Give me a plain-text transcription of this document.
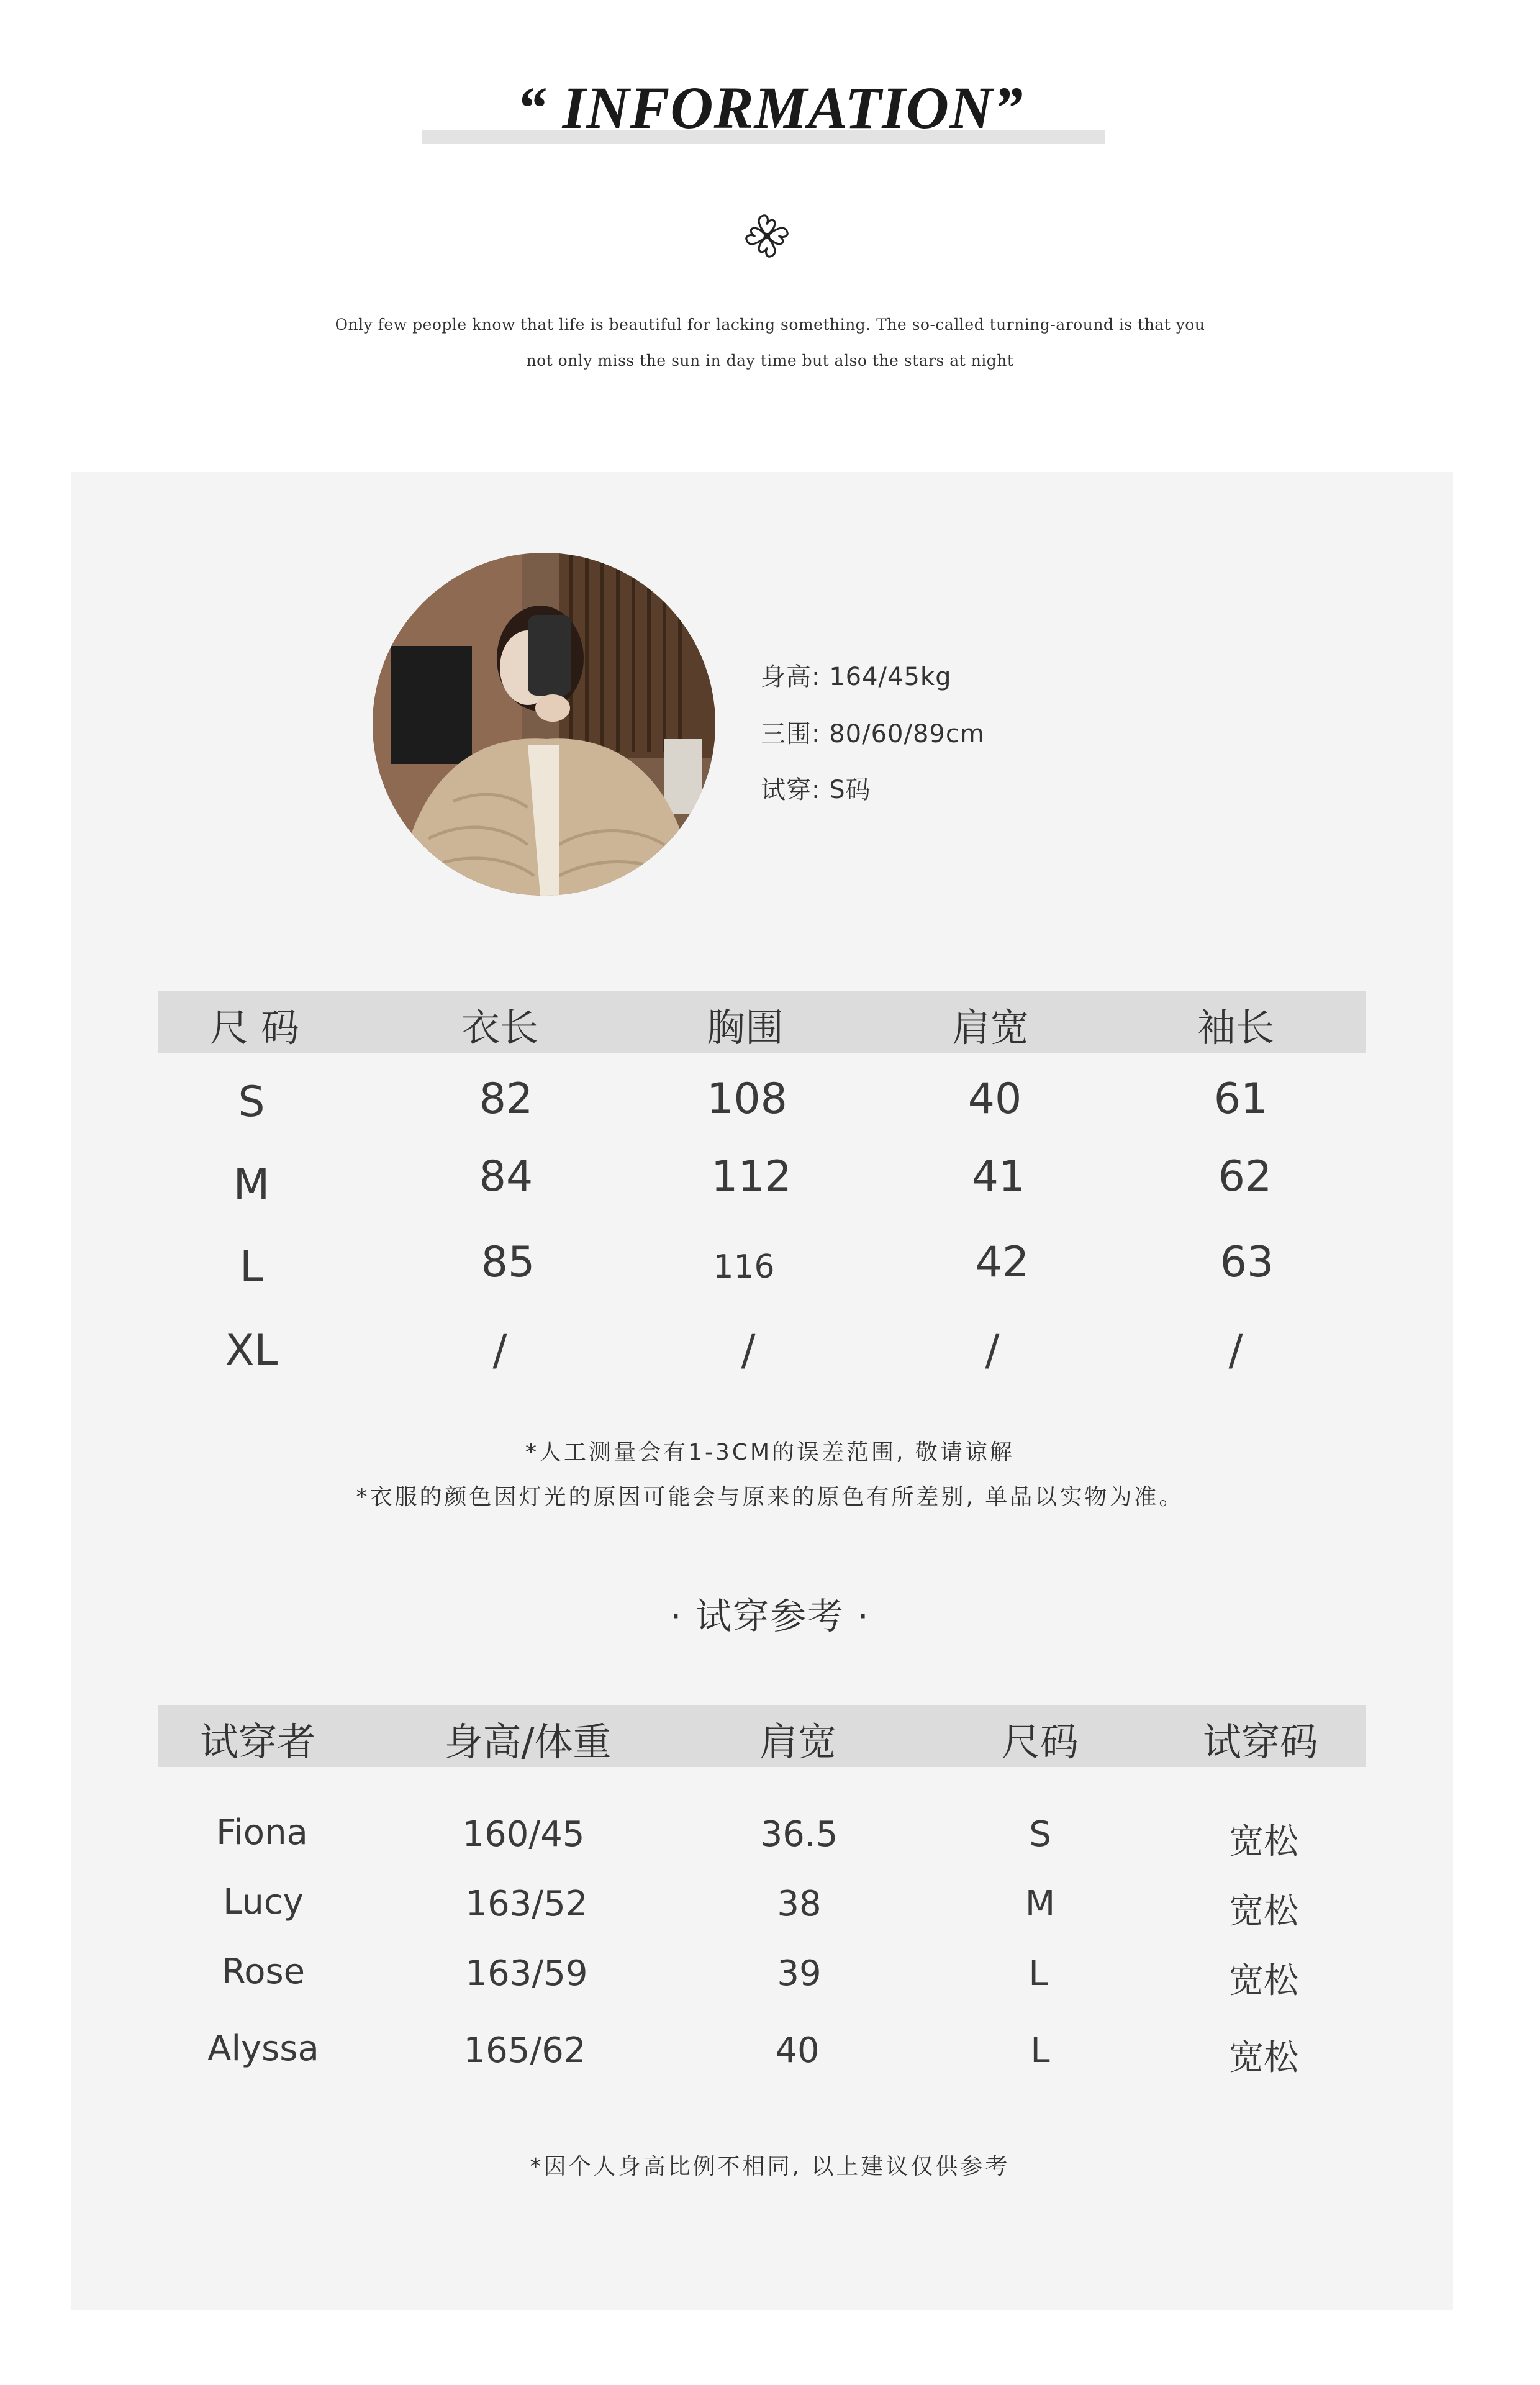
“ INFORMATION”
Only few people know that life is beautiful for lacking something. The so-called turning-around is that you
not only miss the sun in day time but also the stars at night
身高: 164/45kg
三围: 80/60/89cm
试穿: S码
尺 码	衣长	胸围	肩宽	袖长
S	82	108	40	61
M	84	112	41	62
L	85	116	42	63
XL	/	/	/	/
*人工测量会有1-3CM的误差范围, 敬请谅解
*衣服的颜色因灯光的原因可能会与原来的原色有所差别, 单品以实物为准。
· 试穿参考 ·
试穿者	身高/体重	肩宽	尺码	试穿码
Fiona	160/45	36.5	S	宽松
Lucy	163/52	38	M	宽松
Rose	163/59	39	L	宽松
Alyssa	165/62	40	L	宽松
*因个人身高比例不相同, 以上建议仅供参考
